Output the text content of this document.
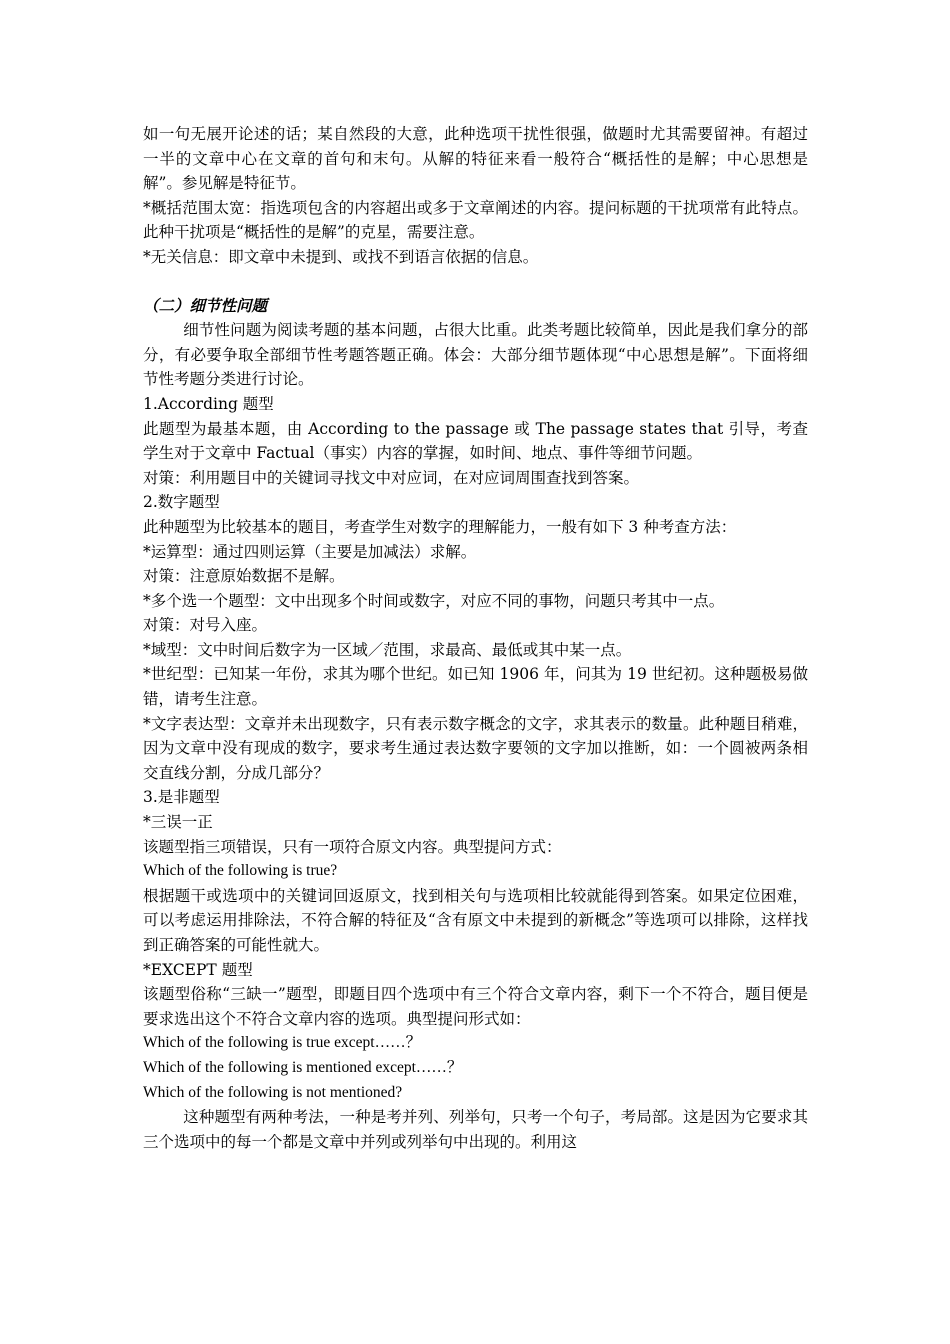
如一句无展开论述的话；某自然段的大意，此种选项干扰性很强，做题时尤其需要留神。有超过一半的文章中心在文章的首句和末句。从解的特征来看一般符合“概括性的是解；中心思想是解”。参见解是特征节。

*概括范围太宽：指选项包含的内容超出或多于文章阐述的内容。提问标题的干扰项常有此特点。此种干扰项是“概括性的是解”的克星，需要注意。

*无关信息：即文章中未提到、或找不到语言依据的信息。

（二）细节性问题

细节性问题为阅读考题的基本问题，占很大比重。此类考题比较简单，因此是我们拿分的部分，有必要争取全部细节性考题答题正确。体会：大部分细节题体现“中心思想是解”。下面将细节性考题分类进行讨论。

1.According 题型

此题型为最基本题，由 According to the passage 或 The passage states that 引导，考查学生对于文章中 Factual（事实）内容的掌握，如时间、地点、事件等细节问题。

对策：利用题目中的关键词寻找文中对应词，在对应词周围查找到答案。

2.数字题型

此种题型为比较基本的题目，考查学生对数字的理解能力，一般有如下 3 种考查方法：

*运算型：通过四则运算（主要是加减法）求解。

对策：注意原始数据不是解。

*多个选一个题型：文中出现多个时间或数字，对应不同的事物，问题只考其中一点。

对策：对号入座。

*域型：文中时间后数字为一区域／范围，求最高、最低或其中某一点。

*世纪型：已知某一年份，求其为哪个世纪。如已知 1906 年，问其为 19 世纪初。这种题极易做错，请考生注意。

*文字表达型：文章并未出现数字，只有表示数字概念的文字，求其表示的数量。此种题目稍难，因为文章中没有现成的数字，要求考生通过表达数字要领的文字加以推断，如：一个圆被两条相交直线分割，分成几部分？

3.是非题型

*三误一正

该题型指三项错误，只有一项符合原文内容。典型提问方式：

Which of the following is true?

根据题干或选项中的关键词回返原文，找到相关句与选项相比较就能得到答案。如果定位困难，可以考虑运用排除法，不符合解的特征及“含有原文中未提到的新概念”等选项可以排除，这样找到正确答案的可能性就大。

*EXCEPT 题型

该题型俗称“三缺一”题型，即题目四个选项中有三个符合文章内容，剩下一个不符合，题目便是要求选出这个不符合文章内容的选项。典型提问形式如：

Which of the following is true except……？

Which of the following is mentioned except……？

Which of the following is not mentioned?

这种题型有两种考法，一种是考并列、列举句，只考一个句子，考局部。这是因为它要求其三个选项中的每一个都是文章中并列或列举句中出现的。利用这
